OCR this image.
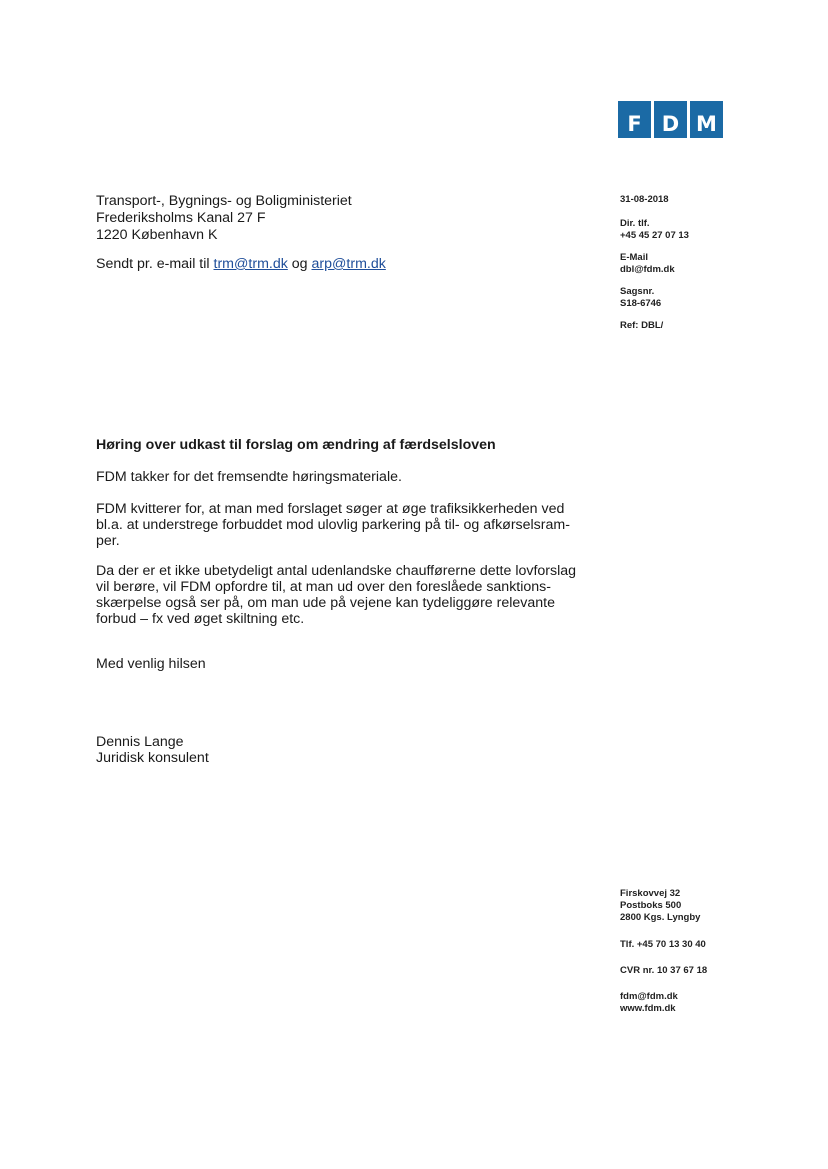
F D M
Transport-, Bygnings- og Boligministeriet
Frederiksholms Kanal 27 F
1220 København K
Sendt pr. e-mail til trm@trm.dk og arp@trm.dk
31-08-2018
Dir. tlf.
+45 45 27 07 13
E-Mail
dbl@fdm.dk
Sagsnr.
S18-6746
Ref: DBL/
Høring over udkast til forslag om ændring af færdselsloven
FDM takker for det fremsendte høringsmateriale.
FDM kvitterer for, at man med forslaget søger at øge trafiksikkerheden ved
bl.a. at understrege forbuddet mod ulovlig parkering på til- og afkørselsram-
per.
Da der er et ikke ubetydeligt antal udenlandske chaufførerne dette lovforslag
vil berøre, vil FDM opfordre til, at man ud over den foreslåede sanktions-
skærpelse også ser på, om man ude på vejene kan tydeliggøre relevante
forbud – fx ved øget skiltning etc.
Med venlig hilsen
Dennis Lange
Juridisk konsulent
Firskovvej 32
Postboks 500
2800 Kgs. Lyngby
Tlf. +45 70 13 30 40
CVR nr. 10 37 67 18
fdm@fdm.dk
www.fdm.dk
